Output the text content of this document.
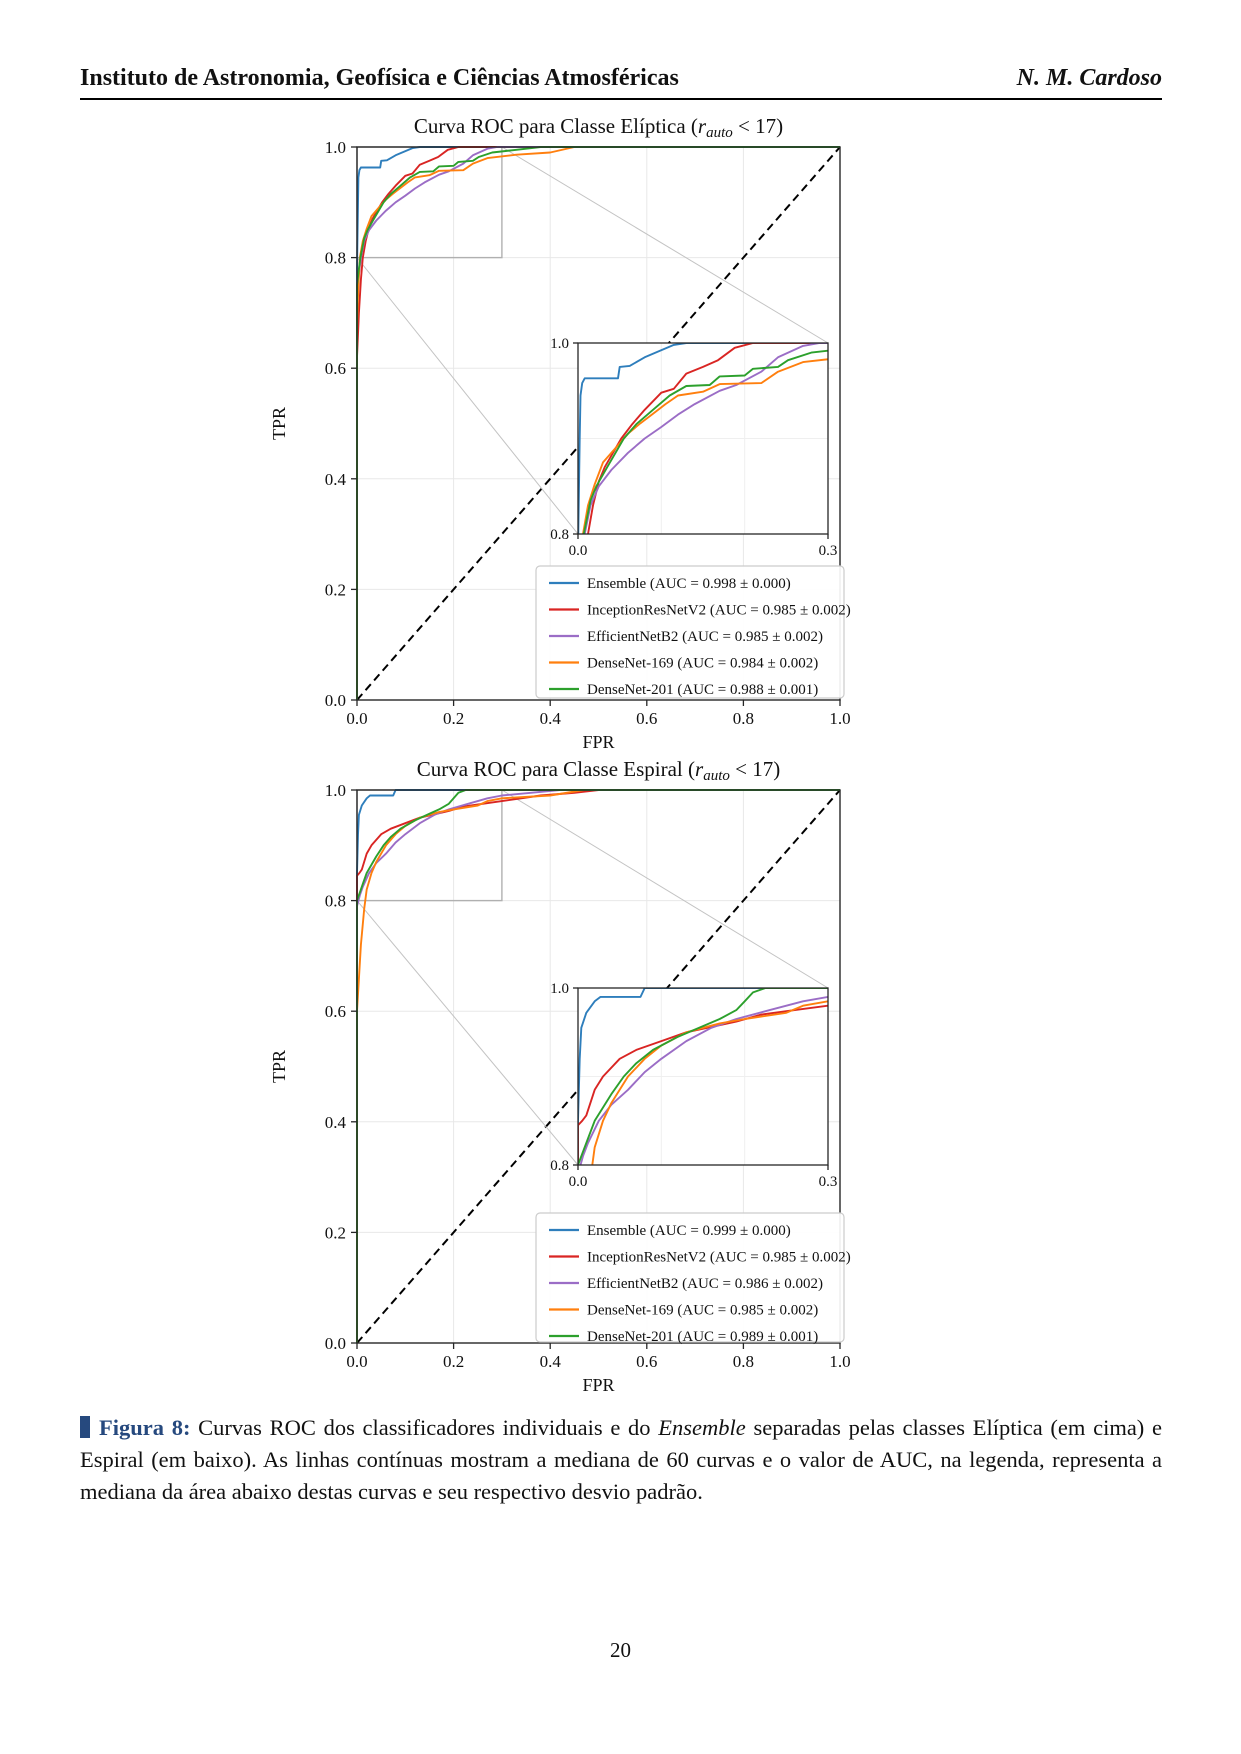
Instituto de Astronomia, Geofísica e Ciências Atmosféricas	N. M. Cardoso
1.0
0.8
0.0	0.3
0.0	0.2	0.4	0.6	0.8	1.0
1.0
0.8
0.6
0.4
0.2
0.0
FPR
TPR
Curva ROC para Classe Elíptica (rauto < 17)
Ensemble (AUC = 0.998 ± 0.000)
InceptionResNetV2 (AUC = 0.985 ± 0.002)
EfficientNetB2 (AUC = 0.985 ± 0.002)
DenseNet-169 (AUC = 0.984 ± 0.002)
DenseNet-201 (AUC = 0.988 ± 0.001)
1.0
0.8
0.0	0.3
0.0	0.2	0.4	0.6	0.8	1.0
1.0
0.8
0.6
0.4
0.2
0.0
FPR
TPR
Curva ROC para Classe Espiral (rauto < 17)
Ensemble (AUC = 0.999 ± 0.000)
InceptionResNetV2 (AUC = 0.985 ± 0.002)
EfficientNetB2 (AUC = 0.986 ± 0.002)
DenseNet-169 (AUC = 0.985 ± 0.002)
DenseNet-201 (AUC = 0.989 ± 0.001)
Figura 8: Curvas ROC dos classificadores individuais e do Ensemble separadas pelas classes Elíptica (em cima) e Espiral (em baixo). As linhas contínuas mostram a mediana de 60 curvas e o valor de AUC, na legenda, representa a mediana da área abaixo destas curvas e seu respectivo desvio padrão.
20
